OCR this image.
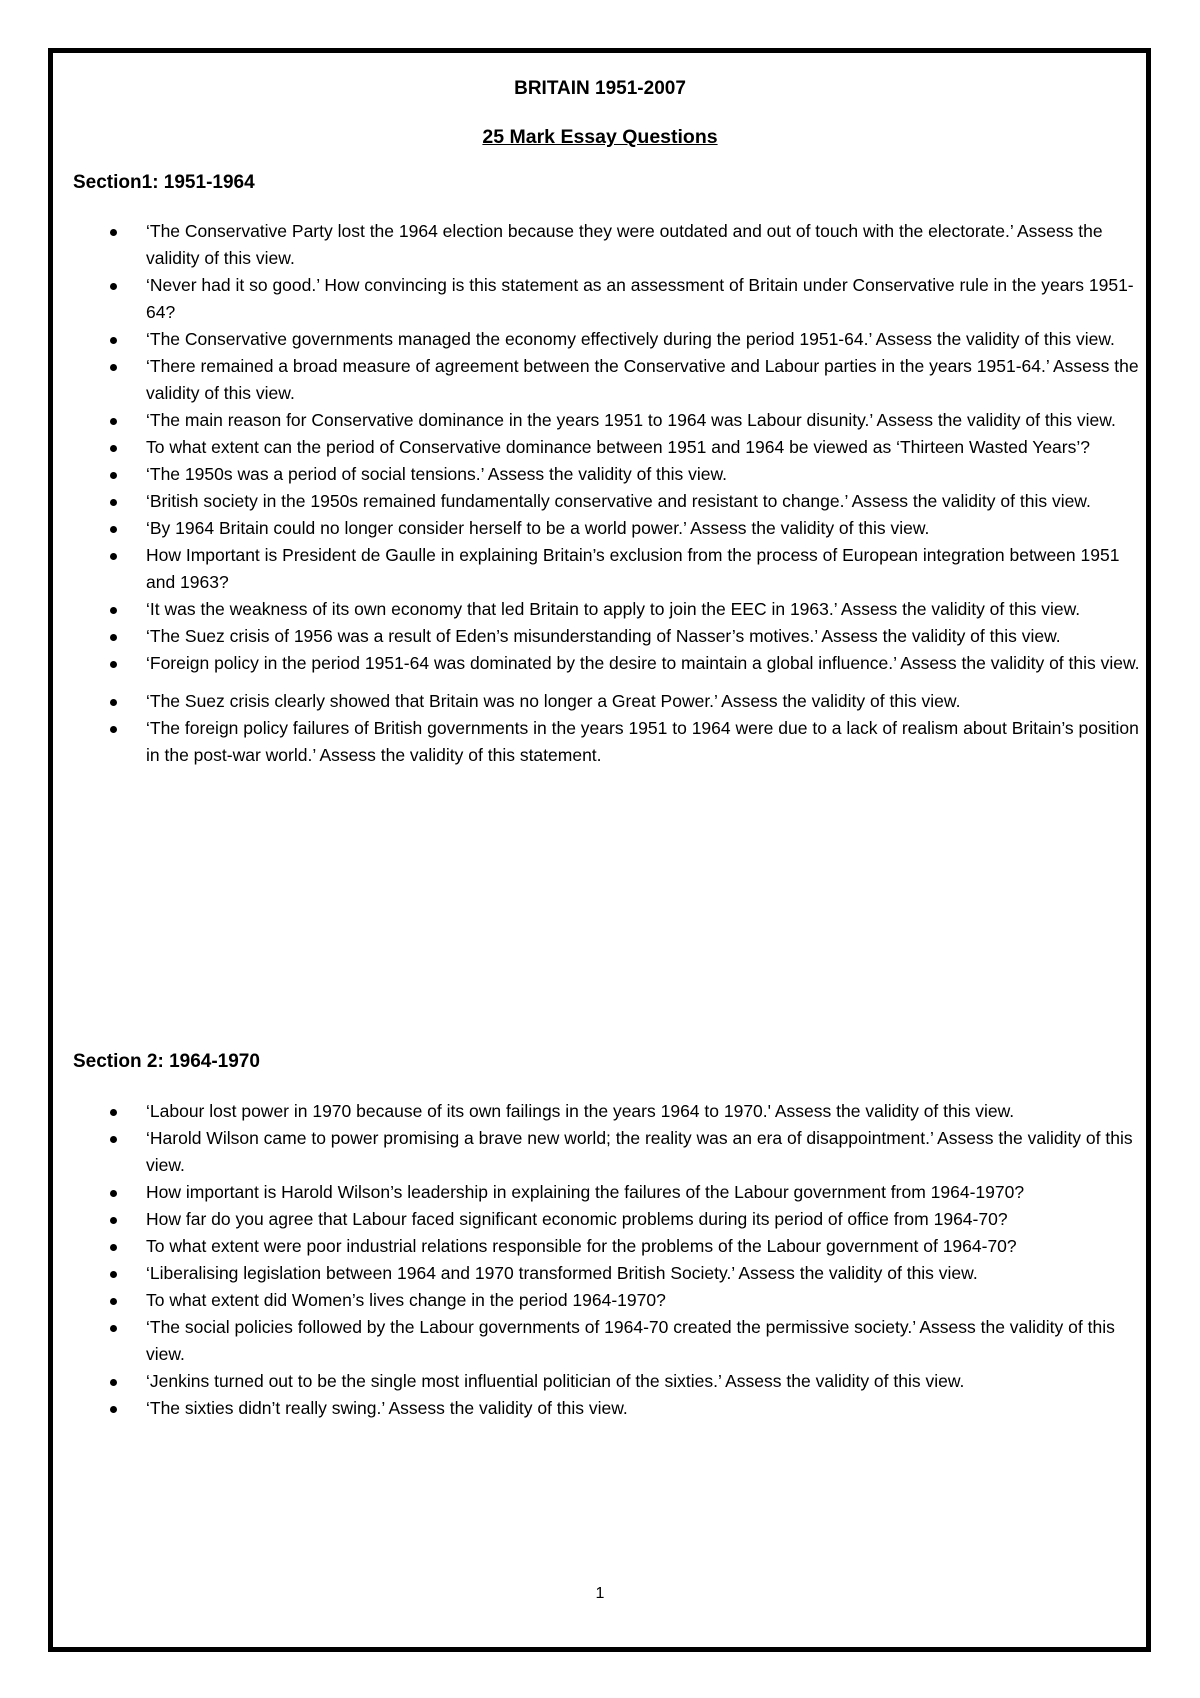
BRITAIN 1951-2007
25 Mark Essay Questions
Section1: 1951-1964
‘The Conservative Party lost the 1964 election because they were outdated and out of touch with the electorate.’ Assess the validity of this view.
‘Never had it so good.’ How convincing is this statement as an assessment of Britain under Conservative rule in the years 1951-64?
‘The Conservative governments managed the economy effectively during the period 1951-64.’ Assess the validity of this view.
‘There remained a broad measure of agreement between the Conservative and Labour parties in the years 1951-64.’ Assess the validity of this view.
‘The main reason for Conservative dominance in the years 1951 to 1964 was Labour disunity.’ Assess the validity of this view.
To what extent can the period of Conservative dominance between 1951 and 1964 be viewed as ‘Thirteen Wasted Years’?
‘The 1950s was a period of social tensions.’ Assess the validity of this view.
‘British society in the 1950s remained fundamentally conservative and resistant to change.’ Assess the validity of this view.
‘By 1964 Britain could no longer consider herself to be a world power.’ Assess the validity of this view.
How Important is President de Gaulle in explaining Britain’s exclusion from the process of European integration between 1951 and 1963?
‘It was the weakness of its own economy that led Britain to apply to join the EEC in 1963.’ Assess the validity of this view.
‘The Suez crisis of 1956 was a result of Eden’s misunderstanding of Nasser’s motives.’ Assess the validity of this view.
‘Foreign policy in the period 1951-64 was dominated by the desire to maintain a global influence.’ Assess the validity of this view.
‘The Suez crisis clearly showed that Britain was no longer a Great Power.’ Assess the validity of this view.
‘The foreign policy failures of British governments in the years 1951 to 1964 were due to a lack of realism about Britain’s position in the post-war world.’ Assess the validity of this statement.
Section 2: 1964-1970
‘Labour lost power in 1970 because of its own failings in the years 1964 to 1970.' Assess the validity of this view.
‘Harold Wilson came to power promising a brave new world; the reality was an era of disappointment.’ Assess the validity of this view.
How important is Harold Wilson’s leadership in explaining the failures of the Labour government from 1964-1970?
How far do you agree that Labour faced significant economic problems during its period of office from 1964-70?
To what extent were poor industrial relations responsible for the problems of the Labour government of 1964-70?
‘Liberalising legislation between 1964 and 1970 transformed British Society.’ Assess the validity of this view.
To what extent did Women’s lives change in the period 1964-1970?
‘The social policies followed by the Labour governments of 1964-70 created the permissive society.’ Assess the validity of this view.
‘Jenkins turned out to be the single most influential politician of the sixties.’ Assess the validity of this view.
‘The sixties didn’t really swing.’ Assess the validity of this view.
1
